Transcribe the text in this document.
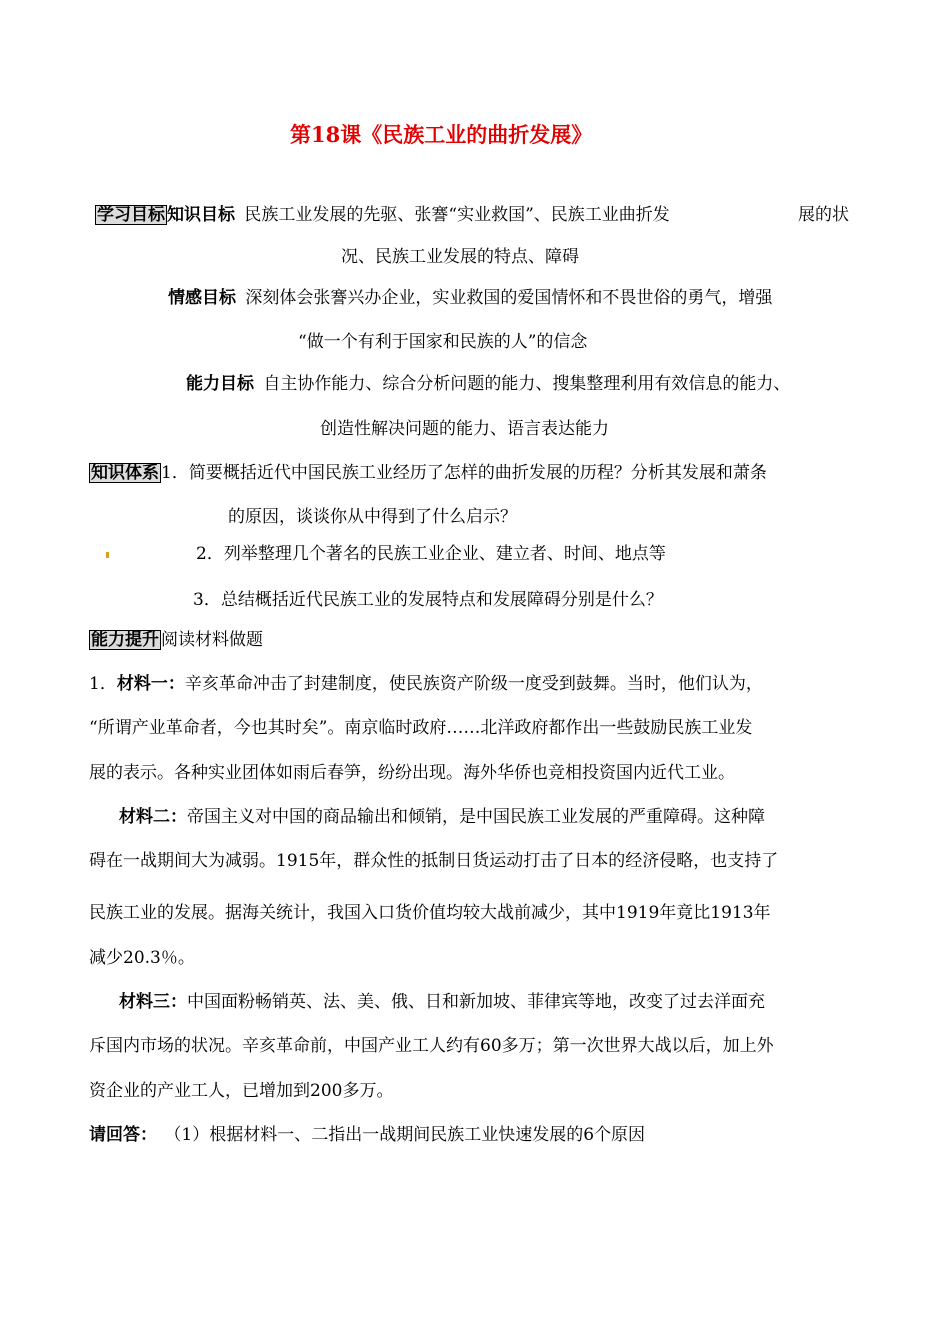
第18课《民族工业的曲折发展》
学习目标 知识目标 民族工业发展的先驱、张謇“实业救国”、民族工业曲折发	展的状
况、民族工业发展的特点、障碍
情感目标 深刻体会张謇兴办企业，实业救国的爱国情怀和不畏世俗的勇气，增强
“做一个有利于国家和民族的人”的信念
能力目标 自主协作能力、综合分析问题的能力、搜集整理利用有效信息的能力、
创造性解决问题的能力、语言表达能力
知识体系 1．简要概括近代中国民族工业经历了怎样的曲折发展的历程？分析其发展和萧条
的原因，谈谈你从中得到了什么启示？
2．列举整理几个著名的民族工业企业、建立者、时间、地点等
3．总结概括近代民族工业的发展特点和发展障碍分别是什么？
能力提升 阅读材料做题
1．材料一：辛亥革命冲击了封建制度，使民族资产阶级一度受到鼓舞。当时，他们认为，
“所谓产业革命者，今也其时矣”。南京临时政府……北洋政府都作出一些鼓励民族工业发
展的表示。各种实业团体如雨后春笋，纷纷出现。海外华侨也竞相投资国内近代工业。
材料二：帝国主义对中国的商品输出和倾销，是中国民族工业发展的严重障碍。这种障
碍在一战期间大为减弱。1915年，群众性的抵制日货运动打击了日本的经济侵略，也支持了
民族工业的发展。据海关统计，我国入口货价值均较大战前减少，其中1919年竟比1913年
减少20.3％。
材料三：中国面粉畅销英、法、美、俄、日和新加坡、菲律宾等地，改变了过去洋面充
斥国内市场的状况。辛亥革命前，中国产业工人约有60多万；第一次世界大战以后，加上外
资企业的产业工人，已增加到200多万。
请回答： （1）根据材料一、二指出一战期间民族工业快速发展的6个原因
